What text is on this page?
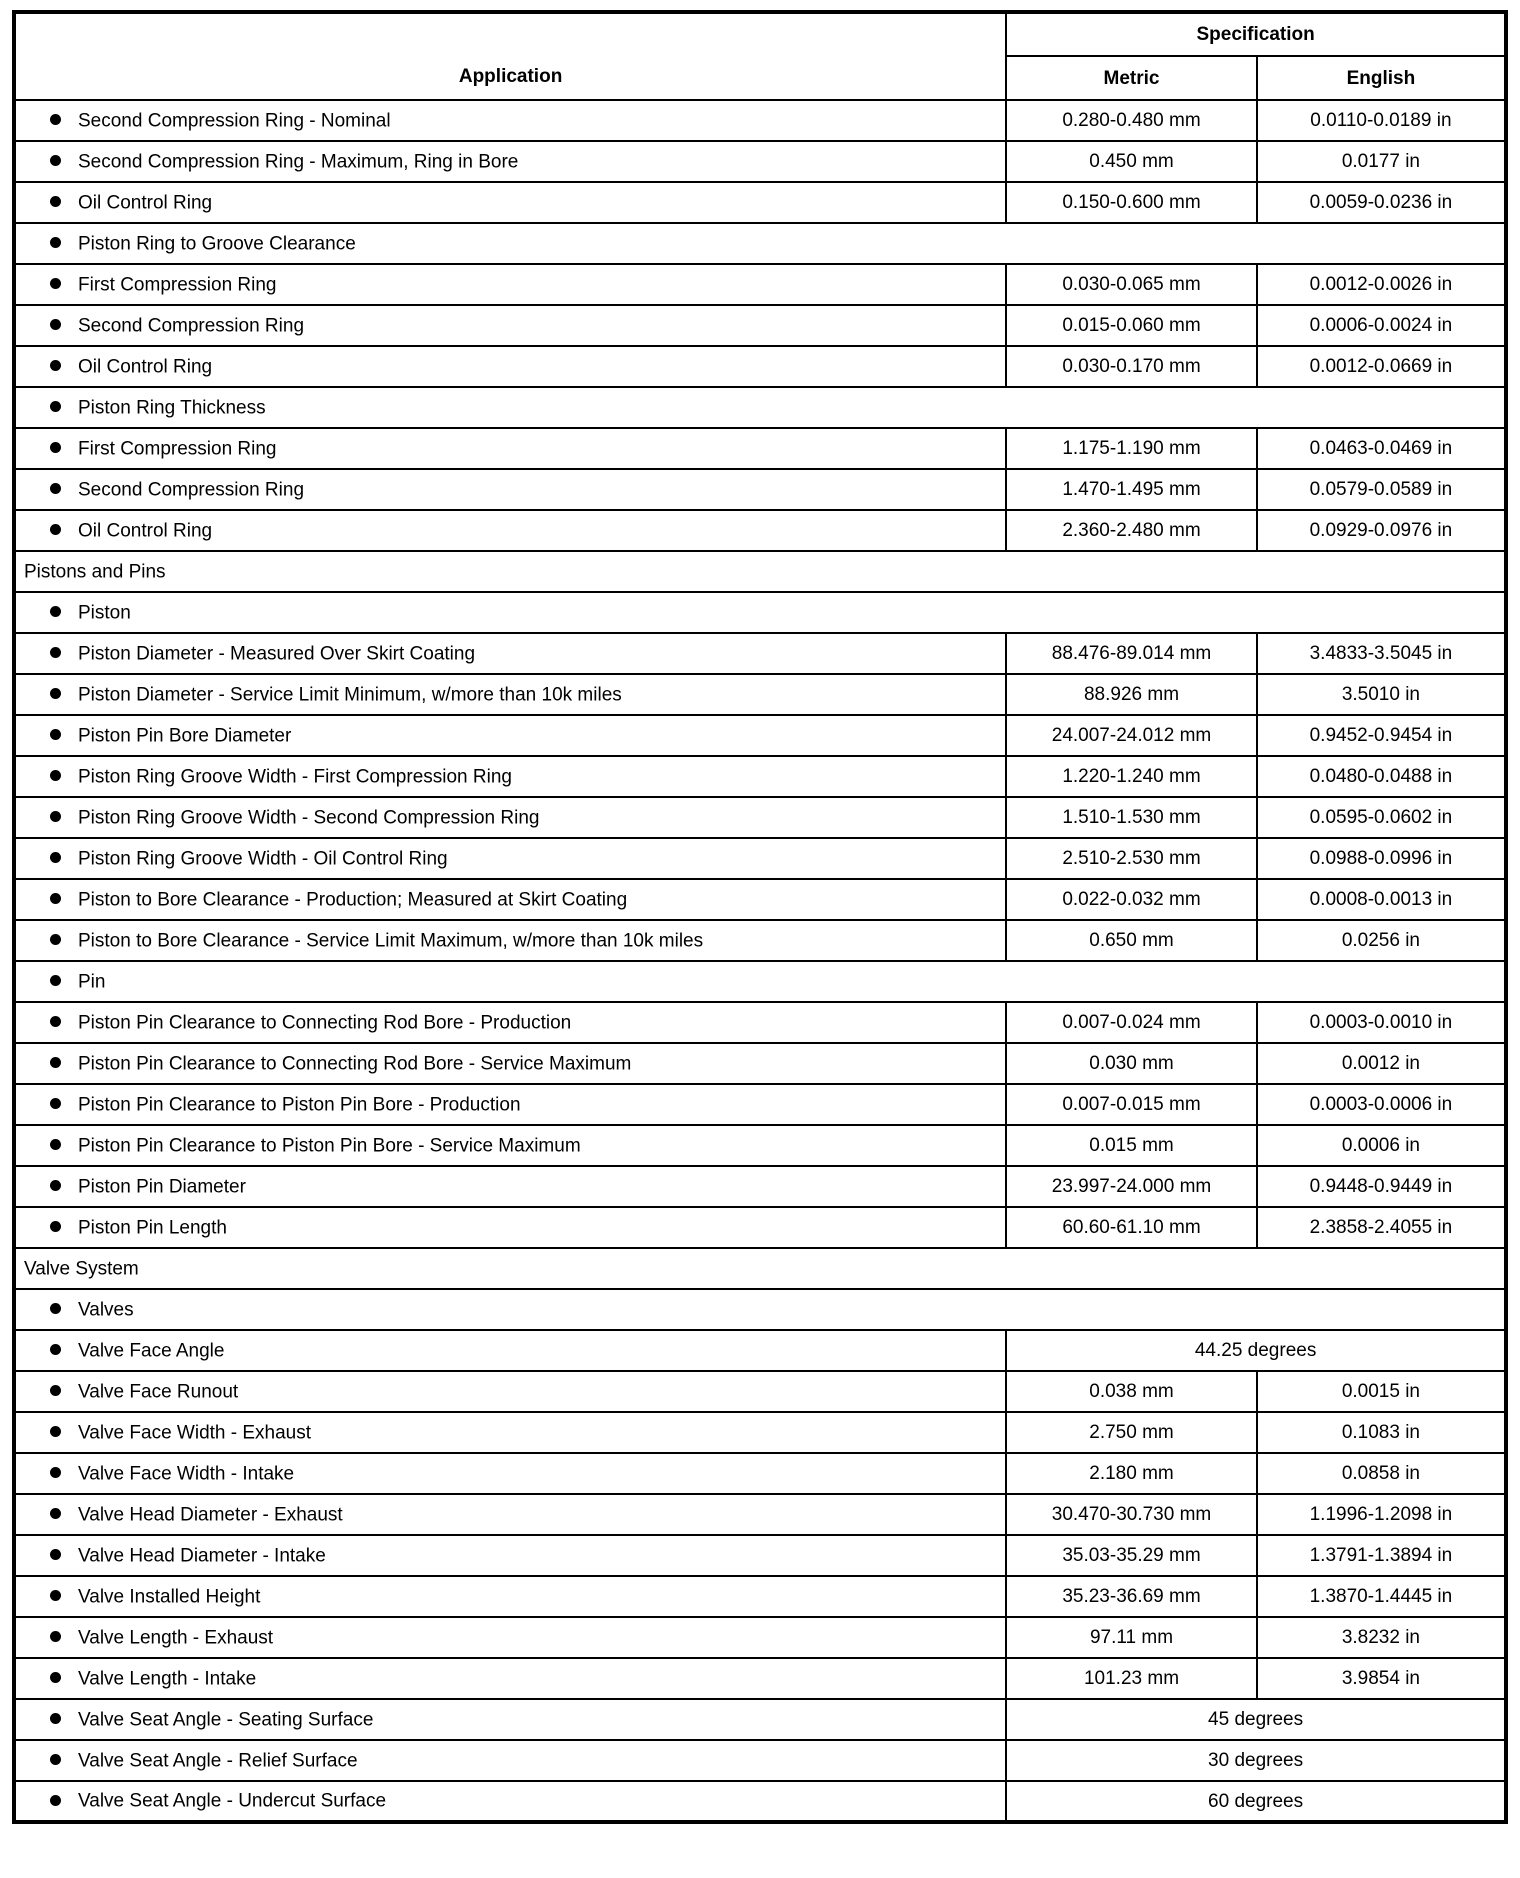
Application	Specification	
	Metric	English
Second Compression Ring - Nominal	0.280-0.480 mm	0.0110-0.0189 in
Second Compression Ring - Maximum, Ring in Bore	0.450 mm	0.0177 in
Oil Control Ring	0.150-0.600 mm	0.0059-0.0236 in
Piston Ring to Groove Clearance		
First Compression Ring	0.030-0.065 mm	0.0012-0.0026 in
Second Compression Ring	0.015-0.060 mm	0.0006-0.0024 in
Oil Control Ring	0.030-0.170 mm	0.0012-0.0669 in
Piston Ring Thickness		
First Compression Ring	1.175-1.190 mm	0.0463-0.0469 in
Second Compression Ring	1.470-1.495 mm	0.0579-0.0589 in
Oil Control Ring	2.360-2.480 mm	0.0929-0.0976 in
Pistons and Pins		
Piston		
Piston Diameter - Measured Over Skirt Coating	88.476-89.014 mm	3.4833-3.5045 in
Piston Diameter - Service Limit Minimum, w/more than 10k miles	88.926 mm	3.5010 in
Piston Pin Bore Diameter	24.007-24.012 mm	0.9452-0.9454 in
Piston Ring Groove Width - First Compression Ring	1.220-1.240 mm	0.0480-0.0488 in
Piston Ring Groove Width - Second Compression Ring	1.510-1.530 mm	0.0595-0.0602 in
Piston Ring Groove Width - Oil Control Ring	2.510-2.530 mm	0.0988-0.0996 in
Piston to Bore Clearance - Production; Measured at Skirt Coating	0.022-0.032 mm	0.0008-0.0013 in
Piston to Bore Clearance - Service Limit Maximum, w/more than 10k miles	0.650 mm	0.0256 in
Pin		
Piston Pin Clearance to Connecting Rod Bore - Production	0.007-0.024 mm	0.0003-0.0010 in
Piston Pin Clearance to Connecting Rod Bore - Service Maximum	0.030 mm	0.0012 in
Piston Pin Clearance to Piston Pin Bore - Production	0.007-0.015 mm	0.0003-0.0006 in
Piston Pin Clearance to Piston Pin Bore - Service Maximum	0.015 mm	0.0006 in
Piston Pin Diameter	23.997-24.000 mm	0.9448-0.9449 in
Piston Pin Length	60.60-61.10 mm	2.3858-2.4055 in
Valve System		
Valves		
Valve Face Angle	44.25 degrees	
Valve Face Runout	0.038 mm	0.0015 in
Valve Face Width - Exhaust	2.750 mm	0.1083 in
Valve Face Width - Intake	2.180 mm	0.0858 in
Valve Head Diameter - Exhaust	30.470-30.730 mm	1.1996-1.2098 in
Valve Head Diameter - Intake	35.03-35.29 mm	1.3791-1.3894 in
Valve Installed Height	35.23-36.69 mm	1.3870-1.4445 in
Valve Length - Exhaust	97.11 mm	3.8232 in
Valve Length - Intake	101.23 mm	3.9854 in
Valve Seat Angle - Seating Surface	45 degrees	
Valve Seat Angle - Relief Surface	30 degrees	
Valve Seat Angle - Undercut Surface	60 degrees	
